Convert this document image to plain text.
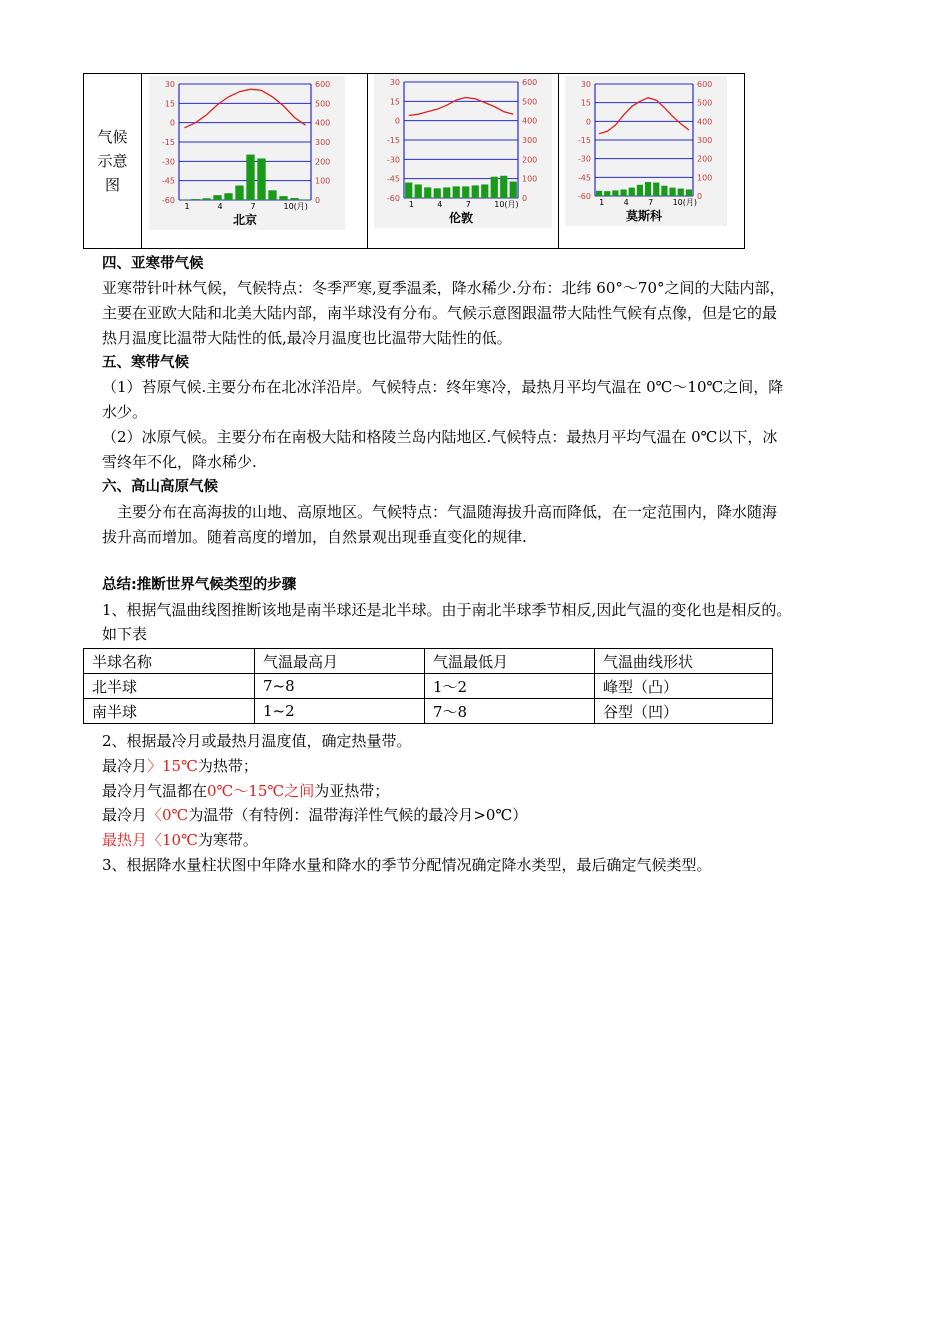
气候
示意
图
30	600
15	500
0	400
-15	300
-30	200
-45	100
-60	0
1	4	7	10(月)
北京
30	600
15	500
0	400
-15	300
-30	200
-45	100
-60	0
1	4	7	10(月)
伦敦
30	600
15	500
0	400
-15	300
-30	200
-45	100
-60	0
1 4 7 10(月)
莫斯科
四、亚寒带气候
亚寒带针叶林气候，气候特点：冬季严寒,夏季温柔，降水稀少.分布：北纬 60°～70°之间的大陆内部，
主要在亚欧大陆和北美大陆内部，南半球没有分布。气候示意图跟温带大陆性气候有点像，但是它的最
热月温度比温带大陆性的低,最冷月温度也比温带大陆性的低。
五、寒带气候
（1）苔原气候.主要分布在北冰洋沿岸。气候特点：终年寒冷，最热月平均气温在 0℃～10℃之间，降
水少。
（2）冰原气候。主要分布在南极大陆和格陵兰岛内陆地区.气候特点：最热月平均气温在 0℃以下，冰
雪终年不化，降水稀少.
六、高山高原气候
主要分布在高海拔的山地、高原地区。气候特点：气温随海拔升高而降低，在一定范围内，降水随海
拔升高而增加。随着高度的增加，自然景观出现垂直变化的规律.
总结:推断世界气候类型的步骤
1、根据气温曲线图推断该地是南半球还是北半球。由于南北半球季节相反,因此气温的变化也是相反的。
如下表
半球名称	气温最高月	气温最低月	气温曲线形状
北半球	7~8	1～2	峰型（凸）
南半球	1~2	7～8	谷型（凹）
2、根据最冷月或最热月温度值，确定热量带。
最冷月〉15℃为热带；
最冷月气温都在0℃～15℃之间为亚热带；
最冷月〈0℃为温带（有特例：温带海洋性气候的最冷月>0℃）
最热月〈10℃为寒带。
3、根据降水量柱状图中年降水量和降水的季节分配情况确定降水类型，最后确定气候类型。
